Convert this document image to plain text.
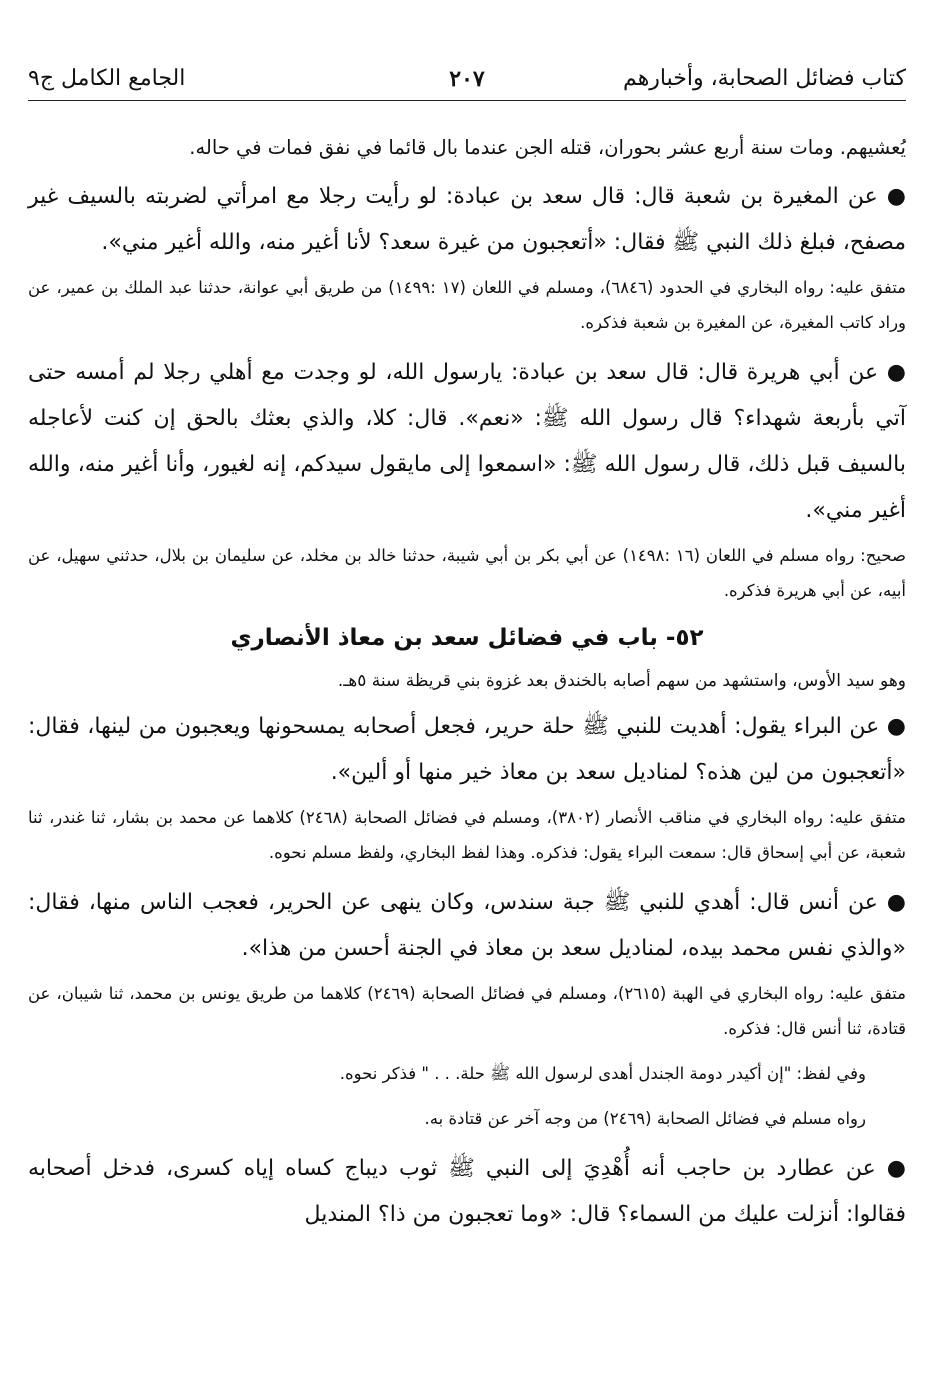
كتاب فضائل الصحابة، وأخبارهم
٢٠٧
الجامع الكامل ج٩

يُعشيهم. ومات سنة أربع عشر بحوران، قتله الجن عندما بال قائما في نفق فمات في حاله.

● عن المغيرة بن شعبة قال: قال سعد بن عبادة: لو رأيت رجلا مع امرأتي لضربته بالسيف غير مصفح، فبلغ ذلك النبي ﷺ فقال: «أتعجبون من غيرة سعد؟ لأنا أغير منه، والله أغير مني».

متفق عليه: رواه البخاري في الحدود (٦٨٤٦)، ومسلم في اللعان (١٧ :١٤٩٩) من طريق أبي عوانة، حدثنا عبد الملك بن عمير، عن وراد كاتب المغيرة، عن المغيرة بن شعبة فذكره.

● عن أبي هريرة قال: قال سعد بن عبادة: يارسول الله، لو وجدت مع أهلي رجلا لم أمسه حتى آتي بأربعة شهداء؟ قال رسول الله ﷺ: «نعم». قال: كلا، والذي بعثك بالحق إن كنت لأعاجله بالسيف قبل ذلك، قال رسول الله ﷺ: «اسمعوا إلى مايقول سيدكم، إنه لغيور، وأنا أغير منه، والله أغير مني».

صحيح: رواه مسلم في اللعان (١٦ :١٤٩٨) عن أبي بكر بن أبي شيبة، حدثنا خالد بن مخلد، عن سليمان بن بلال، حدثني سهيل، عن أبيه، عن أبي هريرة فذكره.

٥٢- باب في فضائل سعد بن معاذ الأنصاري

وهو سيد الأوس، واستشهد من سهم أصابه بالخندق بعد غزوة بني قريظة سنة ٥هـ.

● عن البراء يقول: أهديت للنبي ﷺ حلة حرير، فجعل أصحابه يمسحونها ويعجبون من لينها، فقال: «أتعجبون من لين هذه؟ لمناديل سعد بن معاذ خير منها أو ألين».

متفق عليه: رواه البخاري في مناقب الأنصار (٣٨٠٢)، ومسلم في فضائل الصحابة (٢٤٦٨) كلاهما عن محمد بن بشار، ثنا غندر، ثنا شعبة، عن أبي إسحاق قال: سمعت البراء يقول: فذكره. وهذا لفظ البخاري، ولفظ مسلم نحوه.

● عن أنس قال: أهدي للنبي ﷺ جبة سندس، وكان ينهى عن الحرير، فعجب الناس منها، فقال: «والذي نفس محمد بيده، لمناديل سعد بن معاذ في الجنة أحسن من هذا».

متفق عليه: رواه البخاري في الهبة (٢٦١٥)، ومسلم في فضائل الصحابة (٢٤٦٩) كلاهما من طريق يونس بن محمد، ثنا شيبان، عن قتادة، ثنا أنس قال: فذكره.

وفي لفظ: "إن أكيدر دومة الجندل أهدى لرسول الله ﷺ حلة. . . " فذكر نحوه.

رواه مسلم في فضائل الصحابة (٢٤٦٩) من وجه آخر عن قتادة به.

● عن عطارد بن حاجب أنه أُهْدِيَ إلى النبي ﷺ ثوب ديباج كساه إياه كسرى، فدخل أصحابه فقالوا: أنزلت عليك من السماء؟ قال: «وما تعجبون من ذا؟ المنديل
